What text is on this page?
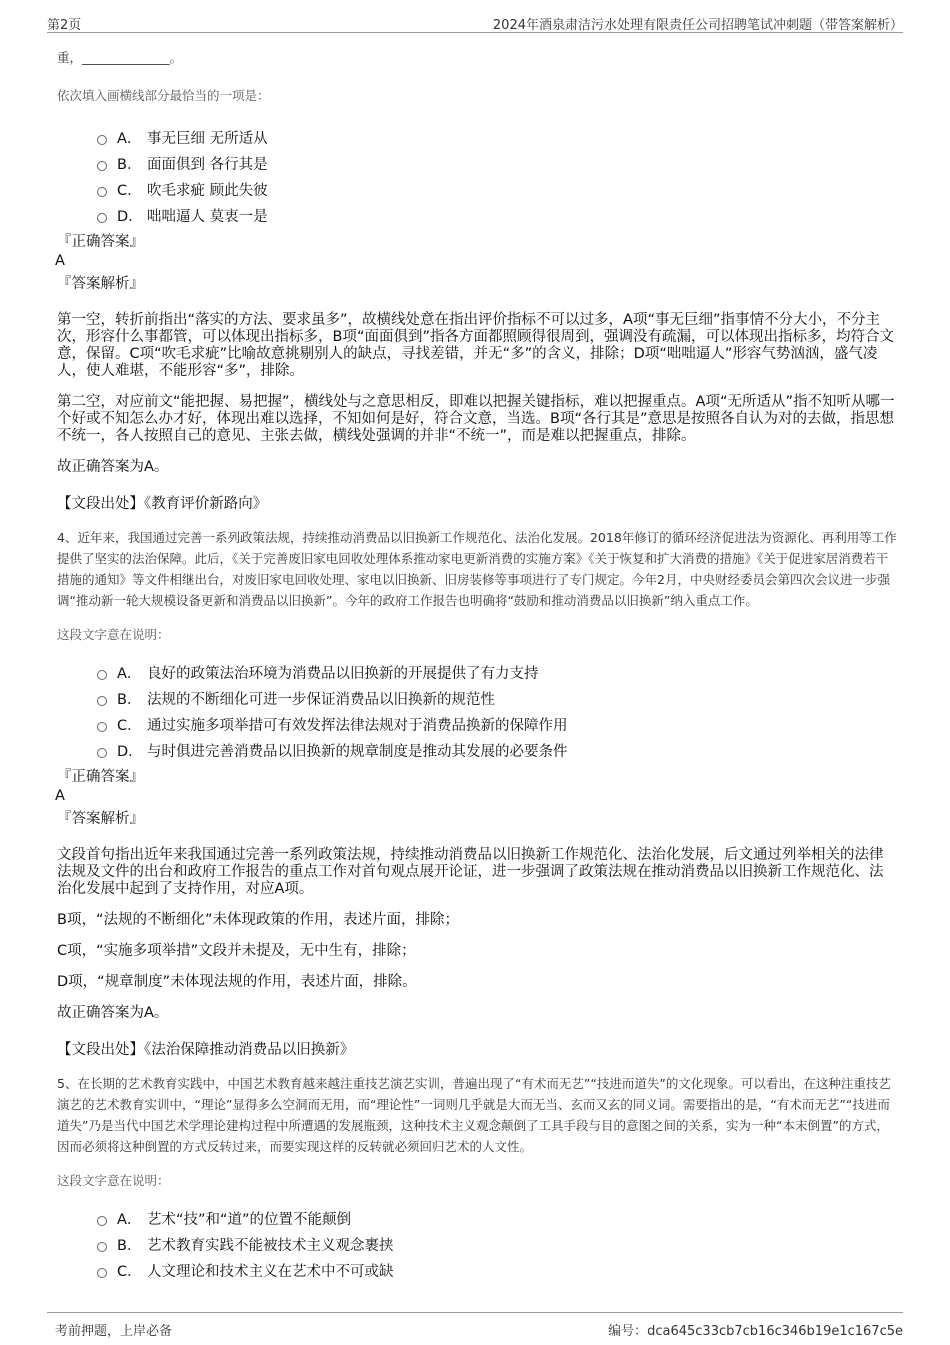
第2页	2024年酒泉肃洁污水处理有限责任公司招聘笔试冲刺题（带答案解析）
重，______________。
依次填入画横线部分最恰当的一项是：
A． 事无巨细 无所适从
B． 面面俱到 各行其是
C． 吹毛求疵 顾此失彼
D． 咄咄逼人 莫衷一是
『正确答案』
A
『答案解析』

第一空，转折前指出“落实的方法、要求虽多”，故横线处意在指出评价指标不可以过多，A项“事无巨细”指事情不分大小，不分主次，形容什么事都管，可以体现出指标多，B项“面面俱到”指各方面都照顾得很周到，强调没有疏漏，可以体现出指标多，均符合文意，保留。C项“吹毛求疵”比喻故意挑剔别人的缺点，寻找差错，并无“多”的含义，排除；D项“咄咄逼人”形容气势汹汹，盛气凌人，使人难堪，不能形容“多”，排除。

第二空，对应前文“能把握、易把握”，横线处与之意思相反，即难以把握关键指标，难以把握重点。A项“无所适从”指不知听从哪一个好或不知怎么办才好，体现出难以选择，不知如何是好，符合文意，当选。B项“各行其是”意思是按照各自认为对的去做，指思想不统一，各人按照自己的意见、主张去做，横线处强调的并非“不统一”，而是难以把握重点，排除。

故正确答案为A。

【文段出处】《教育评价新路向》
4、近年来，我国通过完善一系列政策法规，持续推动消费品以旧换新工作规范化、法治化发展。2018年修订的循环经济促进法为资源化、再利用等工作提供了坚实的法治保障。此后，《关于完善废旧家电回收处理体系推动家电更新消费的实施方案》《关于恢复和扩大消费的措施》《关于促进家居消费若干措施的通知》等文件相继出台，对废旧家电回收处理、家电以旧换新、旧房装修等事项进行了专门规定。今年2月，中央财经委员会第四次会议进一步强调“推动新一轮大规模设备更新和消费品以旧换新”。今年的政府工作报告也明确将“鼓励和推动消费品以旧换新”纳入重点工作。
这段文字意在说明：
A． 良好的政策法治环境为消费品以旧换新的开展提供了有力支持
B． 法规的不断细化可进一步保证消费品以旧换新的规范性
C． 通过实施多项举措可有效发挥法律法规对于消费品换新的保障作用
D． 与时俱进完善消费品以旧换新的规章制度是推动其发展的必要条件
『正确答案』
A
『答案解析』

文段首句指出近年来我国通过完善一系列政策法规，持续推动消费品以旧换新工作规范化、法治化发展，后文通过列举相关的法律法规及文件的出台和政府工作报告的重点工作对首句观点展开论证，进一步强调了政策法规在推动消费品以旧换新工作规范化、法治化发展中起到了支持作用，对应A项。

B项，“法规的不断细化”未体现政策的作用，表述片面，排除；

C项，“实施多项举措”文段并未提及，无中生有，排除；

D项，“规章制度”未体现法规的作用，表述片面，排除。

故正确答案为A。

【文段出处】《法治保障推动消费品以旧换新》
5、在长期的艺术教育实践中，中国艺术教育越来越注重技艺演艺实训，普遍出现了“有术而无艺”“技进而道失”的文化现象。可以看出，在这种注重技艺演艺的艺术教育实训中，“理论”显得多么空洞而无用，而“理论性”一词则几乎就是大而无当、玄而又玄的同义词。需要指出的是，“有术而无艺”“技进而道失”乃是当代中国艺术学理论建构过程中所遭遇的发展瓶颈，这种技术主义观念颠倒了工具手段与目的意图之间的关系，实为一种“本末倒置”的方式，因而必须将这种倒置的方式反转过来，而要实现这样的反转就必须回归艺术的人文性。
这段文字意在说明：
A． 艺术“技”和“道”的位置不能颠倒
B． 艺术教育实践不能被技术主义观念裹挟
C． 人文理论和技术主义在艺术中不可或缺
考前押题，上岸必备	编号：dca645c33cb7cb16c346b19e1c167c5e
